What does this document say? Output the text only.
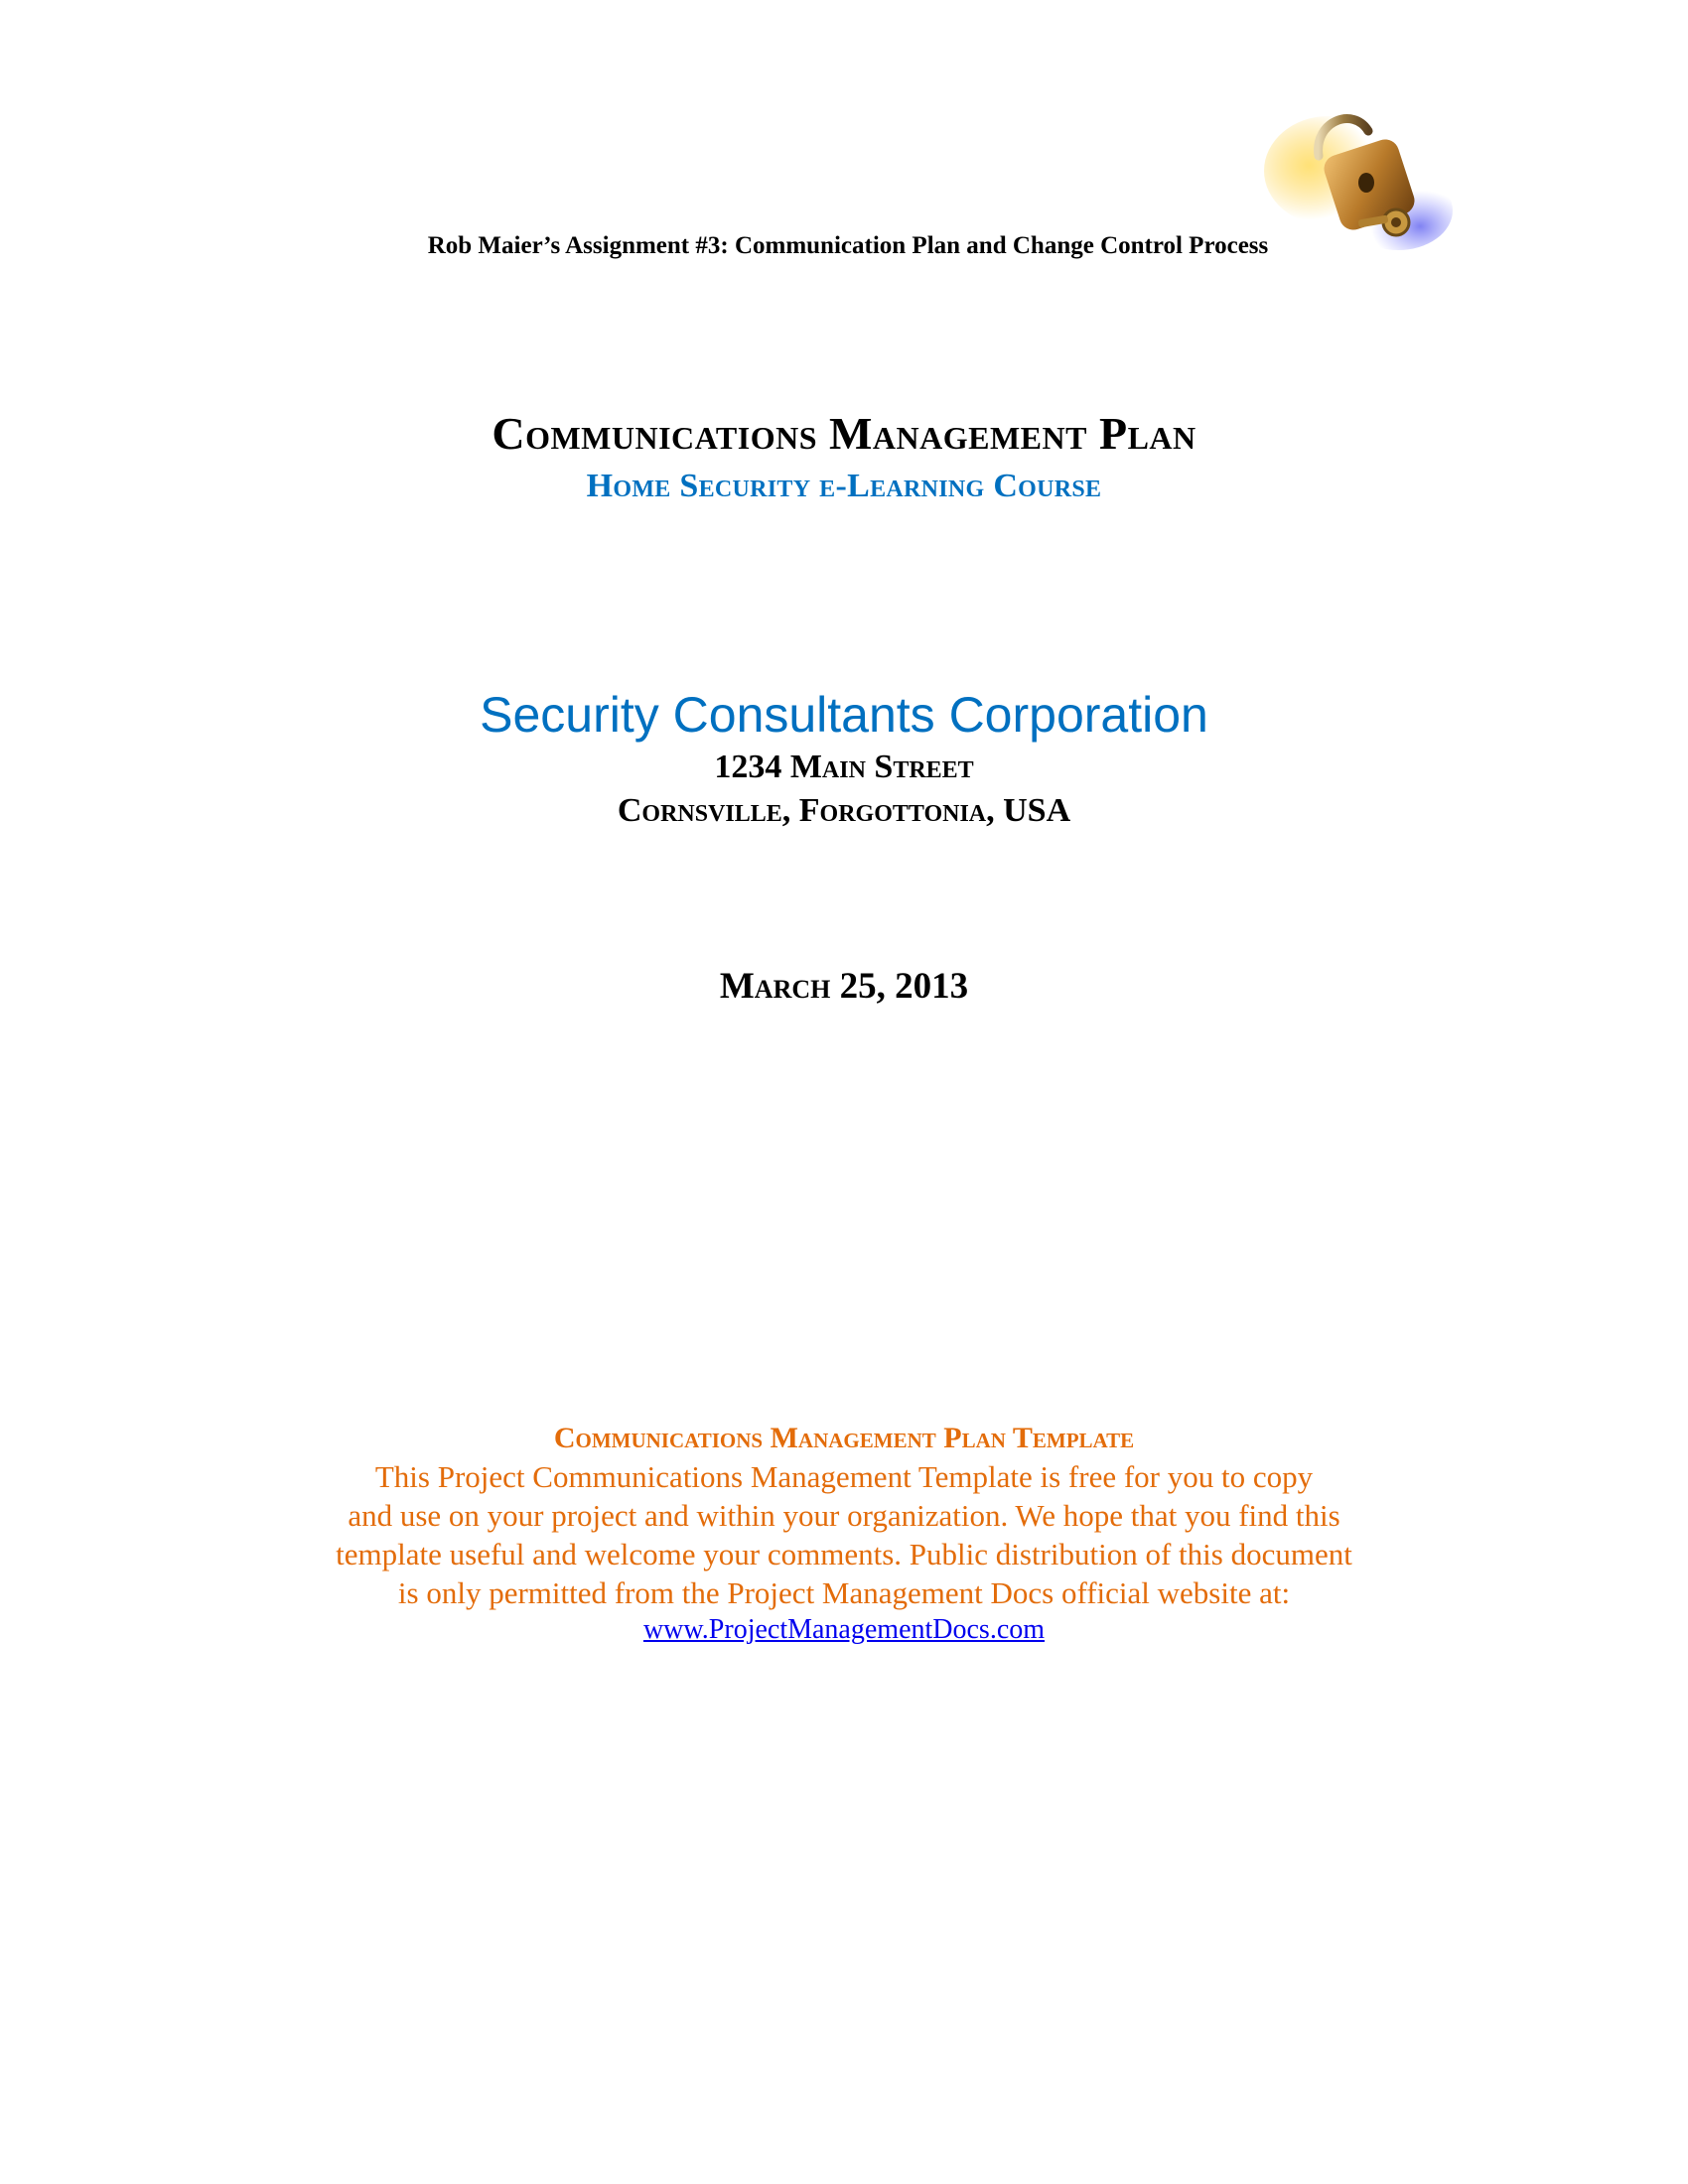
Rob Maier’s Assignment #3: Communication Plan and Change Control Process
Communications Management Plan
Home Security e-Learning Course
Security Consultants Corporation
1234 Main Street
Cornsville, Forgottonia, USA
March 25, 2013
Communications Management Plan Template

This Project Communications Management Template is free for you to copy
and use on your project and within your organization. We hope that you find this
template useful and welcome your comments. Public distribution of this document
is only permitted from the Project Management Docs official website at:

www.ProjectManagementDocs.com
